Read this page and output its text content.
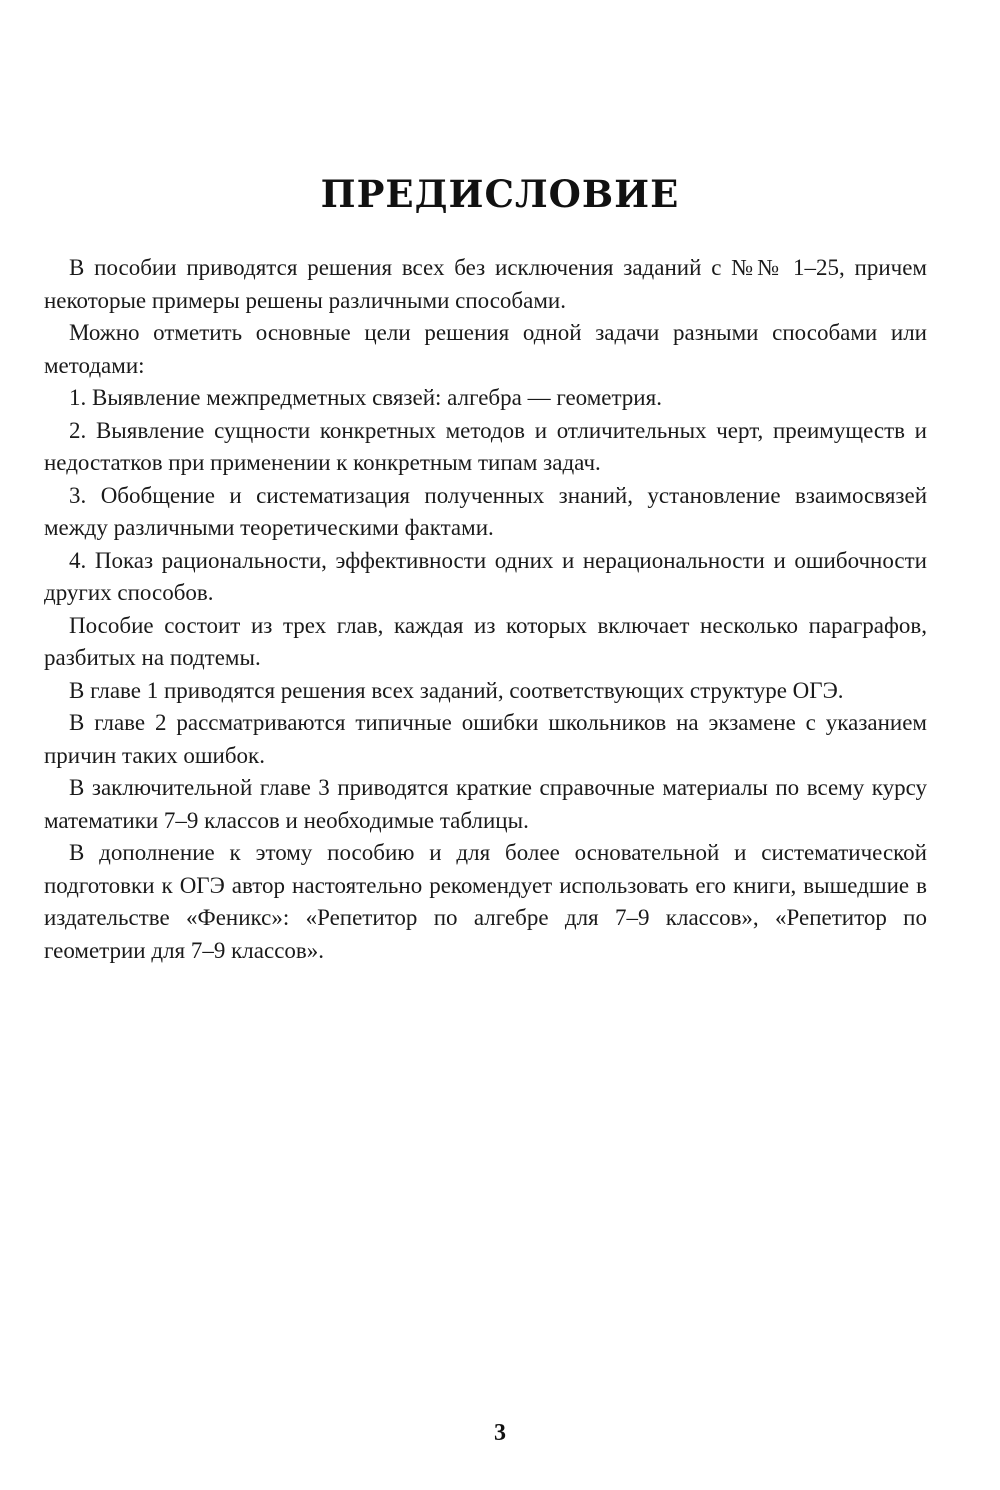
ПРЕДИСЛОВИЕ

В пособии приводятся решения всех без исключения заданий с №№ 1–25, причем некоторые примеры решены различными способами.

Можно отметить основные цели решения одной задачи разными способами или методами:

1. Выявление межпредметных связей: алгебра — геометрия.

2. Выявление сущности конкретных методов и отличительных черт, преимуществ и недостатков при применении к конкретным типам задач.

3. Обобщение и систематизация полученных знаний, установление взаимосвязей между различными теоретическими фактами.

4. Показ рациональности, эффективности одних и нерациональности и ошибочности других способов.

Пособие состоит из трех глав, каждая из которых включает несколько параграфов, разбитых на подтемы.

В главе 1 приводятся решения всех заданий, соответствующих структуре ОГЭ.

В главе 2 рассматриваются типичные ошибки школьников на экзамене с указанием причин таких ошибок.

В заключительной главе 3 приводятся краткие справочные материалы по всему курсу математики 7–9 классов и необходимые таблицы.

В дополнение к этому пособию и для более основательной и систематической подготовки к ОГЭ автор настоятельно рекомендует использовать его книги, вышедшие в издательстве «Феникс»: «Репетитор по алгебре для 7–9 классов», «Репетитор по геометрии для 7–9 классов».

3
